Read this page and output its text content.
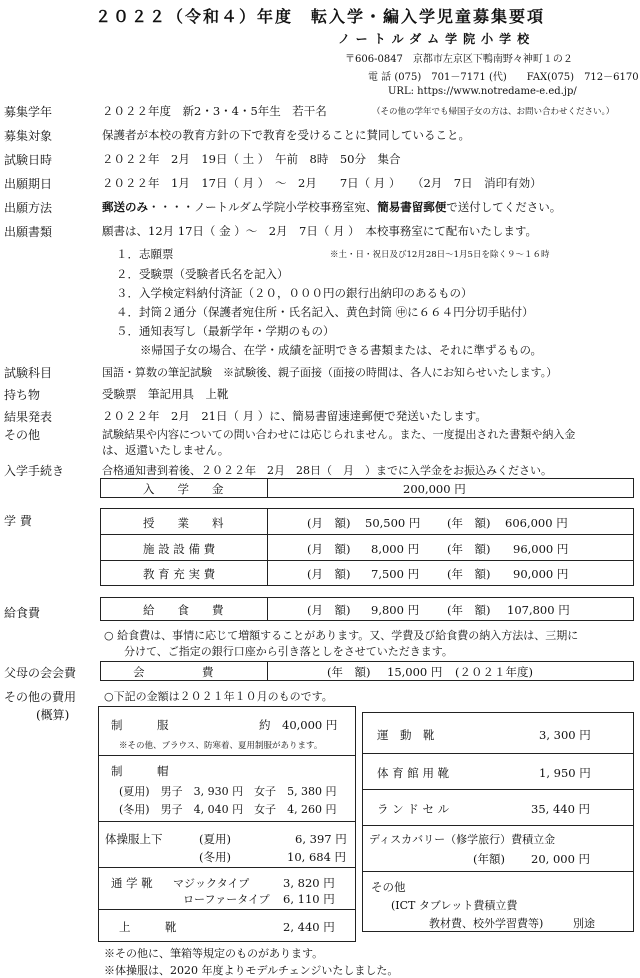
２０２２（令和４）年度　転入学・編入学児童募集要項
ノートルダム学院小学校
〒606-0847　京都市左京区下鴨南野々神町１の２
電 話 (075)　701－7171 (代)　　FAX(075)　712－6170
URL: https://www.notredame-e.ed.jp/
募集学年	２０２２年度　新2・3・4・5年生　若干名	（その他の学年でも帰国子女の方は、お問い合わせください。）
募集対象	保護者が本校の教育方針の下で教育を受けることに賛同していること。
試験日時	２０２２年　2月　19日（ 土 ）　午前　8時　50分　集合
出願期日	２０２２年　1月　17日（ 月 ）　～　2月　　7日（ 月 ）　　（2月　7日　消印有効）
出願方法	郵送のみ・・・・ノートルダム学院小学校事務室宛、簡易書留郵便で送付してください。
出願書類	願書は、12月 17日（ 金 ）～　2月　7日（ 月 ）　本校事務室にて配布いたします。
１．志願票	※土・日・祝日及び12月28日～1月5日を除く９～１６時
２．受験票（受験者氏名を記入）
３．入学検定料納付済証（２０，０００円の銀行出納印のあるもの）
４．封筒２通分（保護者宛住所・氏名記入、黄色封筒 ㊥に６６４円分切手貼付）
５．通知表写し（最新学年・学期のもの）
※帰国子女の場合、在学・成績を証明できる書類または、それに準ずるもの。
試験科目	国語・算数の筆記試験　※試験後、親子面接（面接の時間は、各人にお知らせいたします。）
持ち物	受験票　筆記用具　上靴
結果発表	２０２２年　2月　21日（ 月 ）に、簡易書留速達郵便で発送いたします。
その他	試験結果や内容についての問い合わせには応じられません。また、一度提出された書類や納入金
は、返還いたしません。
入学手続き	合格通知書到着後、２０２２年　2月　28日（　月　）までに入学金をお振込みください。
入　　学　　金	200,000 円
学 費	授　　業　　料	(月　額) 50,500 円 (年　額) 606,000 円
施 設 設 備 費	(月　額) 8,000 円 (年　額) 96,000 円
教 育 充 実 費	(月　額) 7,500 円 (年　額) 90,000 円
給食費	給　　食　　費	(月　額) 9,800 円 (年　額) 107,800 円
○ 給食費は、事情に応じて増額することがあります。又、学費及び給食費の納入方法は、三期に
分けて、ご指定の銀行口座から引き落としをさせていただきます。
父母の会会費	会　　　　　費	(年　額) 15,000 円 (２０２１年度)
その他の費用
(概算)
○下記の金額は２０２１年１０月のものです。
制　　　服	約　40,000 円
※その他、ブラウス、防寒着、夏用制服があります。
制　　　帽
(夏用)　男子　3, 930 円　女子　5, 380 円
(冬用)　男子　4, 040 円　女子　4, 260 円
体操服上下	(夏用)	6, 397 円
(冬用)	10, 684 円
通 学 靴 マジックタイプ	3, 820 円
ローファータイプ 6, 110 円
上　　　靴	2, 440 円
運　動　靴	3, 300 円
体 育 館 用 靴	1, 950 円
ラ ン ド セ ル	35, 440 円
ディスカバリー（修学旅行）費積立金
(年額) 20, 000 円
その他
(ICT タブレット費積立費
教材費、校外学習費等)	別途
※その他に、筆箱等規定のものがあります。
※体操服は、2020 年度よりモデルチェンジいたしました。
